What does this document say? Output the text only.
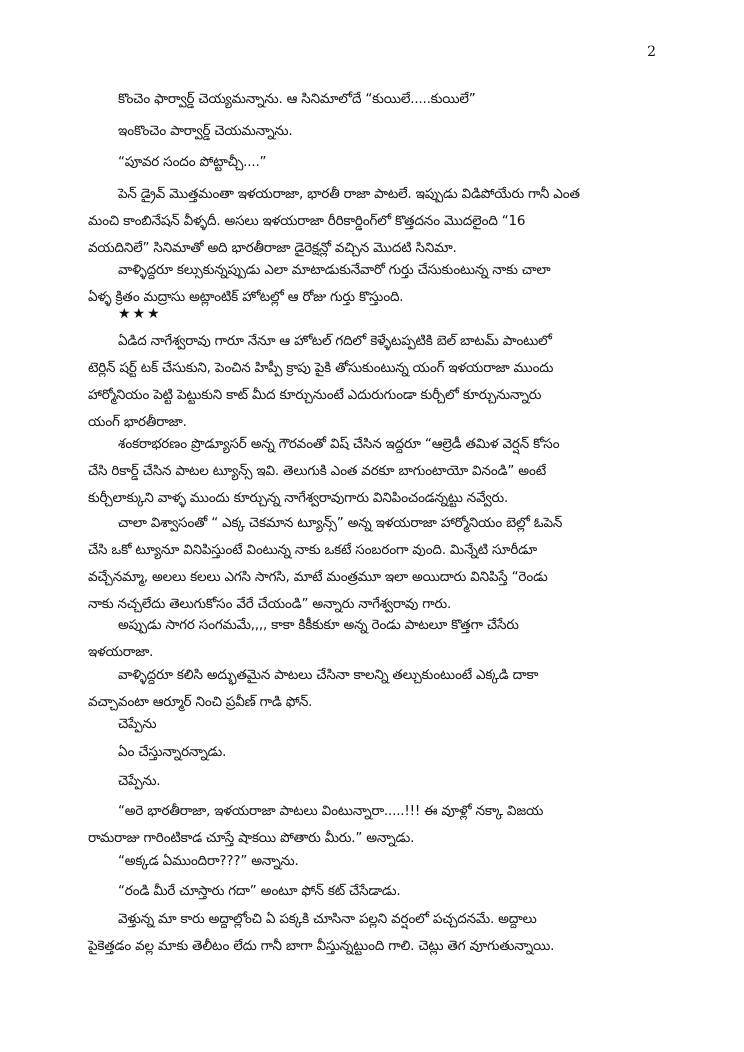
2

కొంచెం ఫార్వార్డ్ చెయ్యమన్నాను. ఆ సినిమాలోదే “కుయిలే.....కుయిలే”

ఇంకొంచెం పార్వార్డ్ చెయమన్నాను.

“పూవర సందం పోట్టాచ్చీ....”

పెన్ డ్రైవ్ మొత్తమంతా ఇళయరాజా, భారతీ రాజా పాటలే. ఇప్పుడు విడిపోయేరు గానీ ఎంత
మంచి కాంబినేషన్ వీళ్ళదీ. అసలు ఇళయరాజా రీరికార్డింగ్‌లో కొత్తదనం మొదలైంది “16
వయదినిలే” సినిమాతో అది భారతీరాజా డైరెక్షన్లో వచ్చిన మొదటి సినిమా.

వాళ్ళిద్దరూ కల్సుకున్నప్పుడు ఎలా మాటాడుకునేవారో గుర్తు చేసుకుంటున్న నాకు చాలా
ఏళ్ళ క్రితం మద్రాసు అట్లాంటిక్ హోటల్లో ఆ రోజు గుర్తు కొస్తుంది.

★★★

ఏడిద నాగేశ్వరావు గారూ నేనూ ఆ హోటల్ గదిలో కెళ్ళేటప్పటికి బెల్ బాటమ్ పాంటులో
టెర్లిన్ షర్ట్ టక్ చేసుకుని, పెంచిన హిప్పీ క్రాపు పైకి తోసుకుంటున్న యంగ్ ఇళయరాజా ముందు
హార్మోనియం పెట్టి పెట్టుకుని కాట్ మీద కూర్చునుంటే ఎదురుగుండా కుర్చీలో కూర్చునున్నారు
యంగ్ భారతీరాజా.

శంకరాభరణం ప్రొడ్యూసర్ అన్న గౌరవంతో విష్ చేసిన ఇద్దరూ “ఆల్రెడీ తమిళ వెర్షన్ కోసం
చేసి రికార్డ్ చేసిన పాటల ట్యూన్స్ ఇవి. తెలుగుకి ఎంత వరకూ బాగుంటాయో వినండి” అంటే
కుర్చీలాక్కుని వాళ్ళ ముందు కూర్చున్న నాగేశ్వరావుగారు వినిపించండన్నట్టు నవ్వేరు.

చాలా విశ్వాసంతో “ ఎక్క చెకమాన ట్యూన్స్” అన్న ఇళయరాజా హార్మోనియం బెల్లో ఓపెన్
చేసి ఒకో ట్యూనూ వినిపిస్తుంటే వింటున్న నాకు ఒకటే సంబరంగా వుంది. మిన్నేటి సూరీడూ
వచ్చేనమ్మా, అలలు కలలు ఎగసి సాగసి, మాటే మంత్రమూ ఇలా అయిదారు వినిపిస్తే “రెండు
నాకు నచ్చలేదు తెలుగుకోసం వేరే చేయండి” అన్నారు నాగేశ్వరావు గారు.

అప్పుడు సాగర సంగమమే,,,, కాకా కికీకుకూ అన్న రెండు పాటలూ కొత్తగా చేసేరు
ఇళయరాజా.

వాళ్ళిద్దరూ కలిసి అద్భుతమైన పాటలు చేసినా కాలన్ని తల్చుకుంటుంటే ఎక్కడి దాకా
వచ్చావంటా ఆర్మూర్ నించి ప్రవీణ్ గాడి ఫోన్.

చెప్పేను

ఏం చేస్తున్నారన్నాడు.

చెప్పేను.

“అరె భారతీరాజా, ఇళయరాజా పాటలు వింటున్నారా.....!!! ఈ వూళ్లో నక్కా విజయ
రామరాజు గారింటికాడ చూస్తే షాకయి పోతారు మీరు.” అన్నాడు.

“అక్కడ ఏముందిరా???” అన్నాను.

“రండి మీరే చూస్తారు గదా” అంటూ ఫోన్ కట్ చేసేడాడు.

వెళ్తున్న మా కారు అద్దాల్లోంచి ఏ పక్కకి చూసినా పల్లని వర్షంలో పచ్చదనమే. అద్దాలు
పైకెత్తడం వల్ల మాకు తెలీటం లేదు గానీ బాగా వీస్తున్నట్టుంది గాలి. చెట్లు తెగ వూగుతున్నాయి.
